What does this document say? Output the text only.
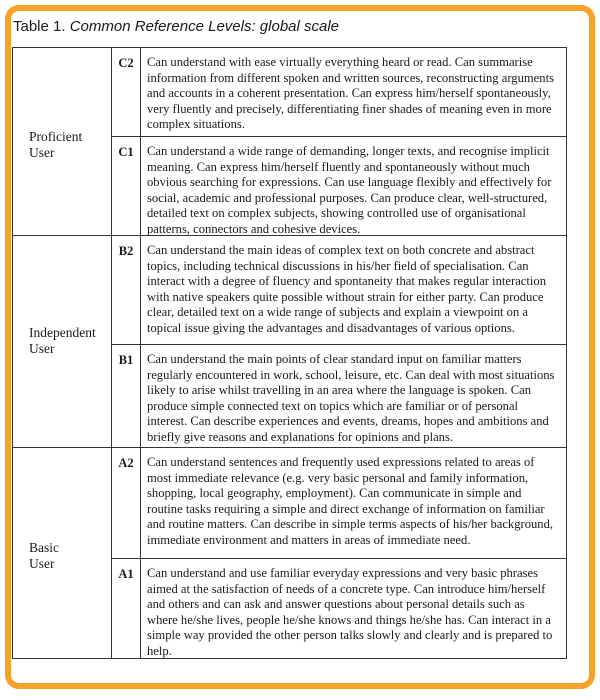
Table 1. Common Reference Levels: global scale
Proficient
User
C2	Can understand with ease virtually everything heard or read. Can summarise information from different spoken and written sources, reconstructing arguments and accounts in a coherent presentation. Can express him/herself spontaneously, very fluently and precisely, differentiating finer shades of meaning even in more complex situations.
C1	Can understand a wide range of demanding, longer texts, and recognise implicit meaning. Can express him/herself fluently and spontaneously without much obvious searching for expressions. Can use language flexibly and effectively for social, academic and professional purposes. Can produce clear, well-structured, detailed text on complex subjects, showing controlled use of organisational patterns, connectors and cohesive devices.
Independent
User
B2	Can understand the main ideas of complex text on both concrete and abstract topics, including technical discussions in his/her field of specialisation. Can interact with a degree of fluency and spontaneity that makes regular interaction with native speakers quite possible without strain for either party. Can produce clear, detailed text on a wide range of subjects and explain a viewpoint on a topical issue giving the advantages and disadvantages of various options.
B1	Can understand the main points of clear standard input on familiar matters regularly encountered in work, school, leisure, etc. Can deal with most situations likely to arise whilst travelling in an area where the language is spoken. Can produce simple connected text on topics which are familiar or of personal interest. Can describe experiences and events, dreams, hopes and ambitions and briefly give reasons and explanations for opinions and plans.
Basic
User
A2	Can understand sentences and frequently used expressions related to areas of most immediate relevance (e.g. very basic personal and family information, shopping, local geography, employment). Can communicate in simple and routine tasks requiring a simple and direct exchange of information on familiar and routine matters. Can describe in simple terms aspects of his/her background, immediate environment and matters in areas of immediate need.
A1	Can understand and use familiar everyday expressions and very basic phrases aimed at the satisfaction of needs of a concrete type. Can introduce him/herself and others and can ask and answer questions about personal details such as where he/she lives, people he/she knows and things he/she has. Can interact in a simple way provided the other person talks slowly and clearly and is prepared to help.
